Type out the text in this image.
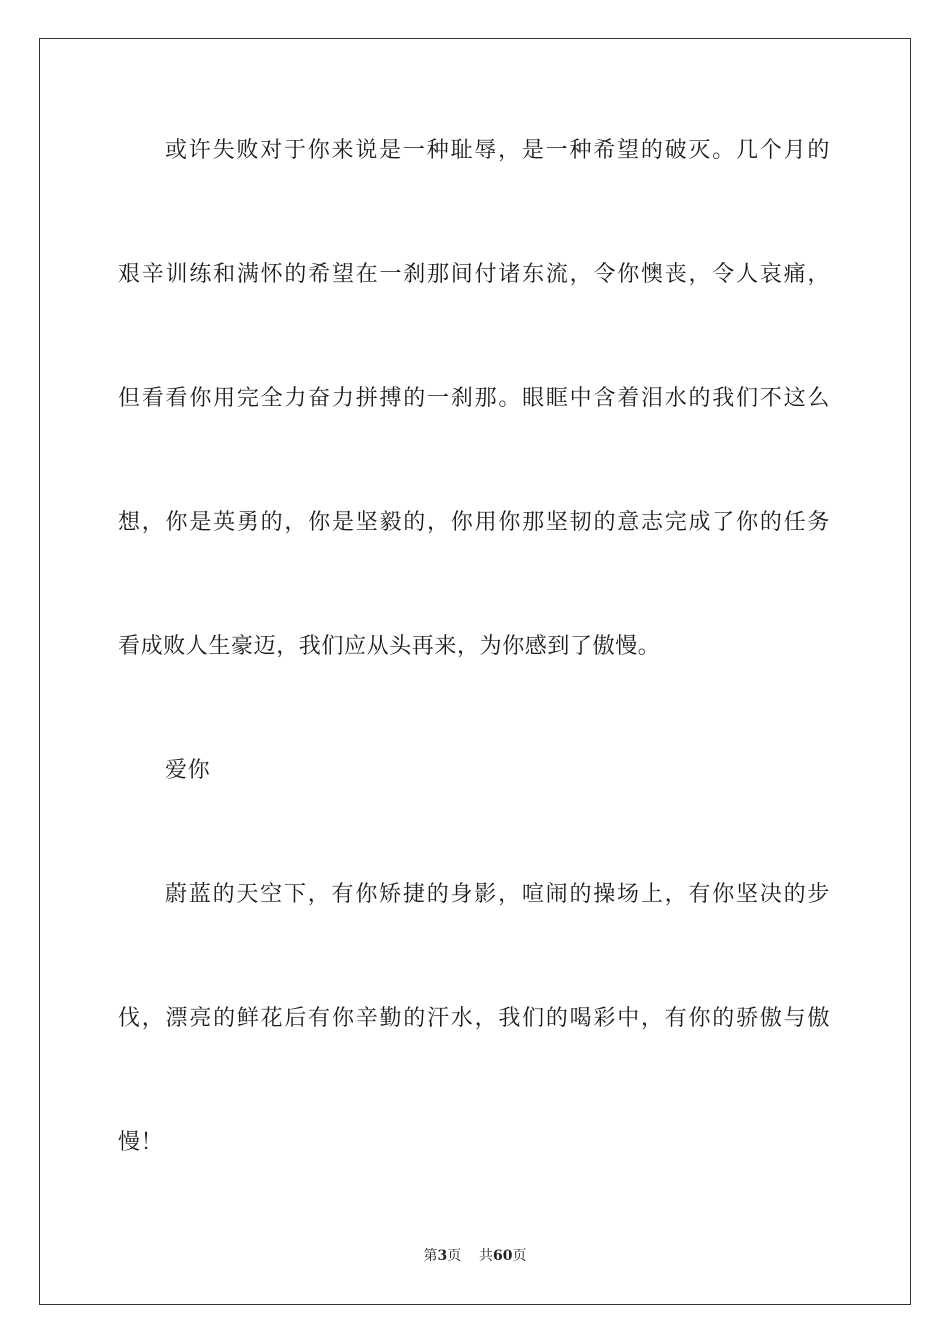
或许失败对于你来说是一种耻辱，是一种希望的破灭。几个月的
艰辛训练和满怀的希望在一刹那间付诸东流，令你懊丧，令人哀痛，
但看看你用完全力奋力拼搏的一刹那。眼眶中含着泪水的我们不这么
想，你是英勇的，你是坚毅的，你用你那坚韧的意志完成了你的任务
看成败人生豪迈，我们应从头再来，为你感到了傲慢。
爱你
蔚蓝的天空下，有你矫捷的身影，喧闹的操场上，有你坚决的步
伐，漂亮的鲜花后有你辛勤的汗水，我们的喝彩中，有你的骄傲与傲
慢！
第3页 共60页
